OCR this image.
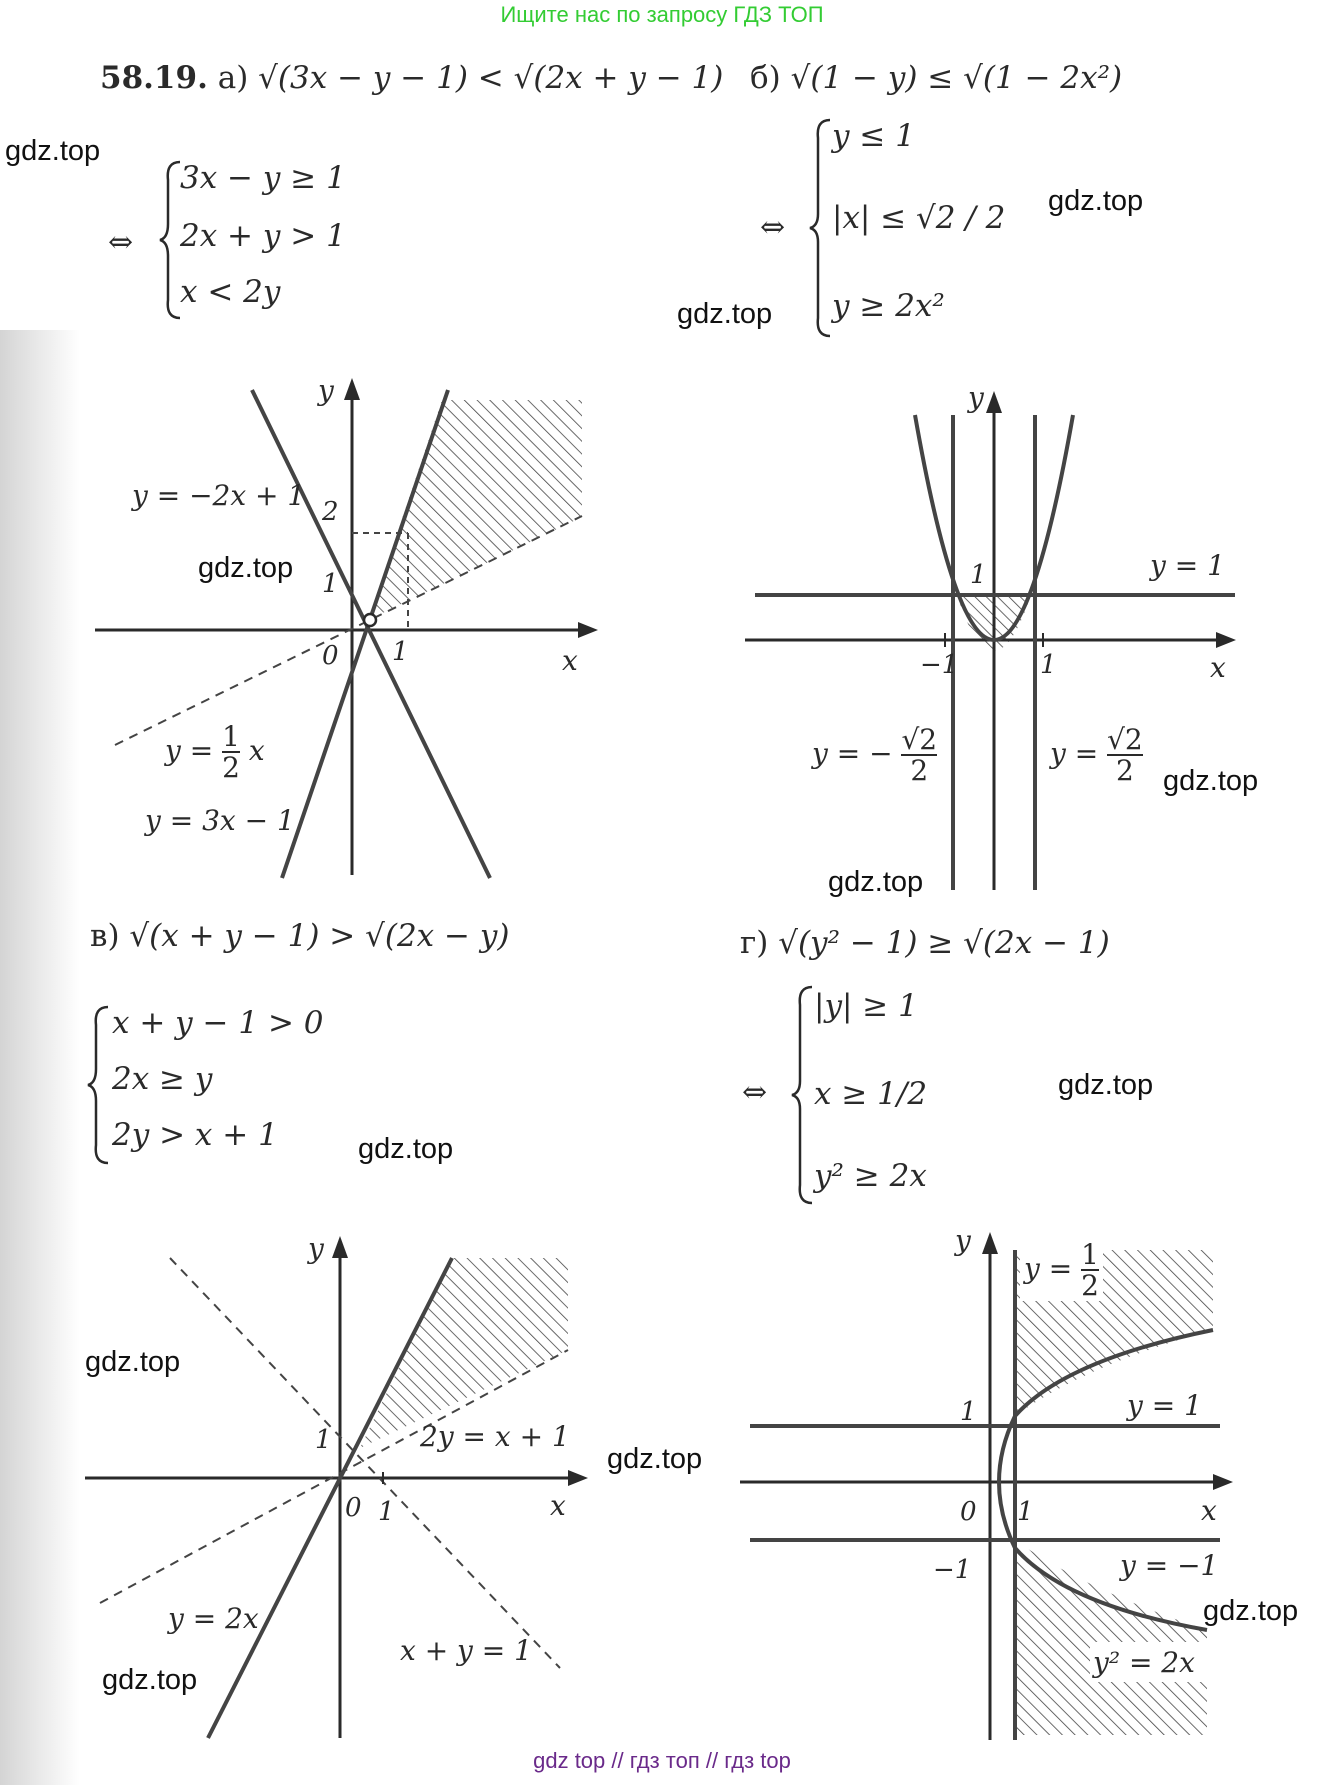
Ищите нас по запросу ГДЗ ТОП
58.19. а) √(3x − y − 1) < √(2x + y − 1) б) √(1 − y) ≤ √(1 − 2x²)
gdz.top
gdz.top
gdz.top
gdz.top
gdz.top
gdz.top
gdz.top
gdz.top
gdz.top
gdz.top
gdz.top
gdz.top
⇔
3x − y ≥ 1
2x + y > 1
x < 2y
⇔
y ≤ 1
|x| ≤ √2 / 2
y ≥ 2x²
y
x
0 1
1
2
y = −2x + 1
y = 3x − 1
$y = \frac{1}{2}$ x
y
x
1
−1	1
y = 1
y = − $\frac{√2}{2}$	$y = \frac{√2}{2}$
в) √(x + y − 1) > √(2x − y)	г) √(y² − 1) ≥ √(2x − 1)
x + y − 1 > 0
2x ≥ y
2y > x + 1
⇔
|y| ≥ 1
x ≥ 1/2
y² ≥ 2x
y
x
0 1
1	2y = x + 1
y = 2x
x + y = 1
y
x
0 1
1
−1
y = 1
y = −1
y² = 2x
$y = \frac{1}{2}$
gdz top // гдз топ // гдз top
